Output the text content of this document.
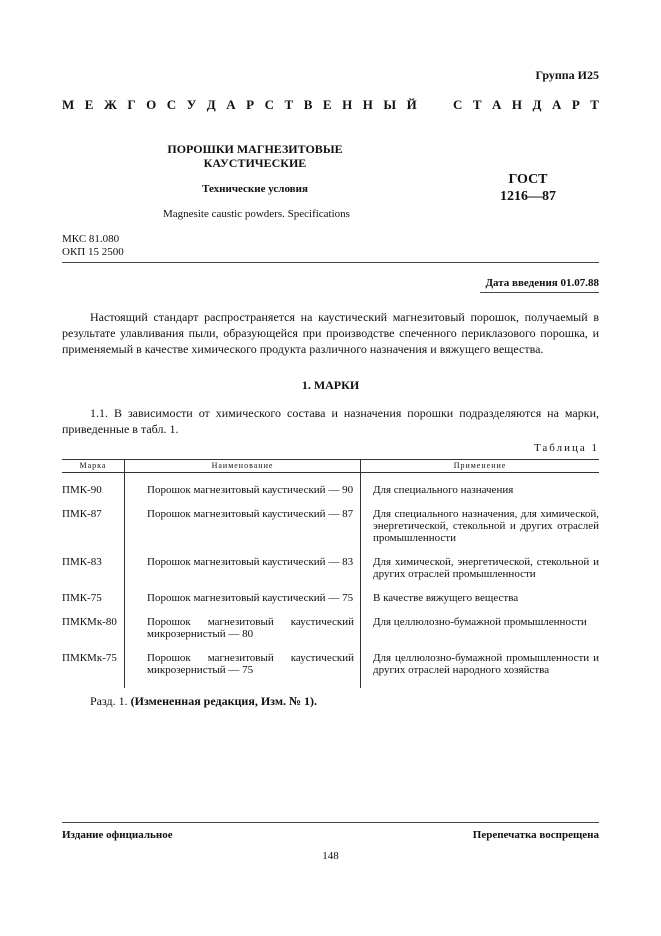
Группа И25
М Е Ж Г О С У Д А Р С Т В Е Н Н Ы Й	С Т А Н Д А Р Т
ПОРОШКИ МАГНЕЗИТОВЫЕ
КАУСТИЧЕСКИЕ
Технические условия
Magnesite caustic powders. Specifications
ГОСТ
1216—87
МКС 81.080
ОКП 15 2500
Дата введения 01.07.88
Настоящий стандарт распространяется на каустический магнезитовый порошок, получаемый в результате улавливания пыли, образующейся при производстве спеченного периклазового порошка, и применяемый в качестве химического продукта различного назначения и вяжущего вещества.
1. МАРКИ
1.1. В зависимости от химического состава и назначения порошки подразделяются на марки, приведенные в табл. 1.
Таблица 1
Марка	Наименование	Применение
ПМК-90	Порошок магнезитовый каустический — 90	Для специального назначения
ПМК-87	Порошок магнезитовый каустический — 87	Для специального назначения, для химической, энергетической, стекольной и других отраслей промышленности
ПМК-83	Порошок магнезитовый каустический — 83	Для химической, энергетической, стекольной и других отраслей промышленности
ПМК-75	Порошок магнезитовый каустический — 75	В качестве вяжущего вещества
ПМКМк-80	Порошок магнезитовый каустический микрозернистый — 80	Для целлюлозно-бумажной промышленности
ПМКМк-75	Порошок магнезитовый каустический микрозернистый — 75	Для целлюлозно-бумажной промышленности и других отраслей народного хозяйства
Разд. 1. (Измененная редакция, Изм. № 1).
Издание официальное	Перепечатка воспрещена
148
